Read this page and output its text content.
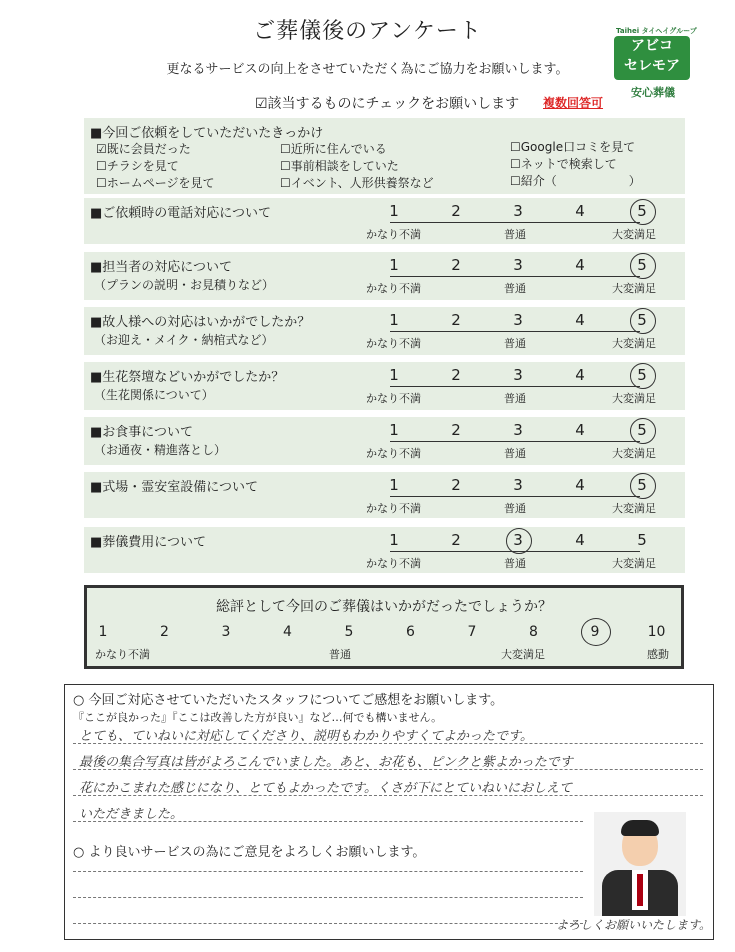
ご葬儀後のアンケート
更なるサービスの向上をさせていただく為にご協力をお願いします。
Taihei タイヘイグループ
アビコ
セレモア
安心葬儀
☑該当するものにチェックをお願いします 複数回答可
■今回ご依頼をしていただいたきっかけ
☑既に会員だった
☐チラシを見て
☐ホームページを見て
☐近所に住んでいる
☐事前相談をしていた
☐イベント、人形供養祭など
☐Google口コミを見て
☐ネットで検索して
☐紹介（　　　　　　）
■ご依頼時の電話対応について	1	2	3	4	5
かなり不満	普通	大変満足
■担当者の対応について
（プランの説明・お見積りなど）
1	2	3	4	5
かなり不満	普通	大変満足
■故人様への対応はいかがでしたか？
（お迎え・メイク・納棺式など）
1	2	3	4	5
かなり不満	普通	大変満足
■生花祭壇などいかがでしたか？
（生花関係について）
1	2	3	4	5
かなり不満	普通	大変満足
■お食事について
（お通夜・精進落とし）
1	2	3	4	5
かなり不満	普通	大変満足
■式場・霊安室設備について	1	2	3	4	5
かなり不満	普通	大変満足
■葬儀費用について	1	2	3	4	5
かなり不満	普通	大変満足
総評として今回のご葬儀はいかがだったでしょうか？
1	2	3	4	5	6	7	8	9	10
かなり不満	普通	大変満足	感動
○ 今回ご対応させていただいたスタッフについてご感想をお願いします。
『ここが良かった』『ここは改善した方が良い』など…何でも構いません。
とても、ていねいに対応してくださり、説明もわかりやすくてよかったです。
最後の集合写真は皆がよろこんでいました。あと、お花も、ピンクと紫よかったです
花にかこまれた感じになり、とてもよかったです。くさが下にとていねいにおしえて
いただきました。
○ より良いサービスの為にご意見をよろしくお願いします。
よろしくお願いいたします。
